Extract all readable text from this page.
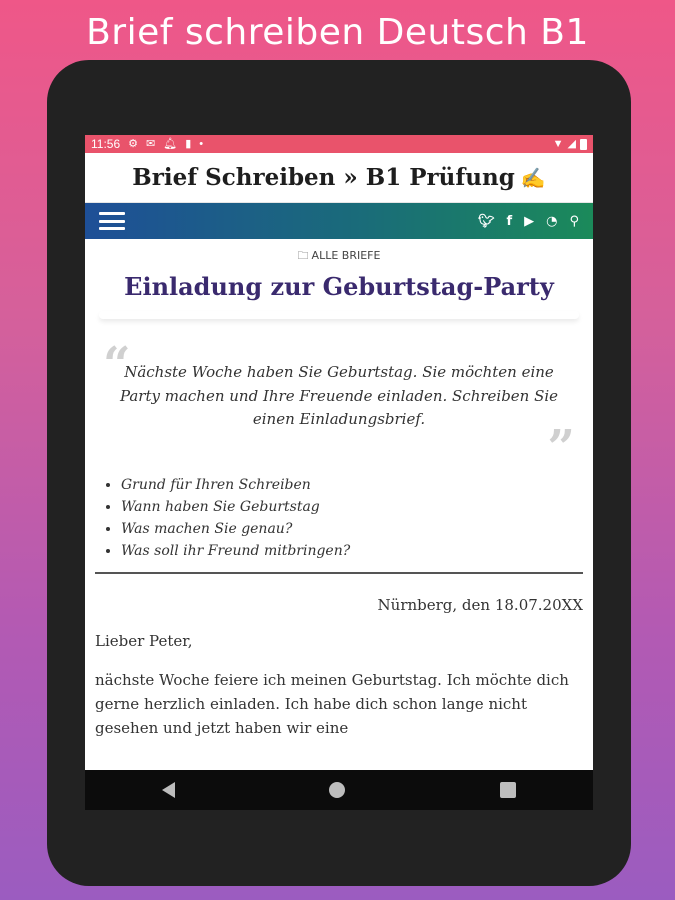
Brief schreiben Deutsch B1
11:56 ⚙ ✉ 🔔︎ ▮ •	▼ ◢
Brief Schreiben » B1 Prüfung ✍
🐦︎ f ▶ ◔ ⚲
🗀 ALLE BRIEFE
Einladung zur Geburtstag-Party
“
Nächste Woche haben Sie Geburtstag. Sie möchten eine Party machen und Ihre Freuende einladen. Schreiben Sie einen Einladungsbrief.
”
• Grund für Ihren Schreiben
• Wann haben Sie Geburtstag
• Was machen Sie genau?
• Was soll ihr Freund mitbringen?
Nürnberg, den 18.07.20XX
Lieber Peter,
nächste Woche feiere ich meinen Geburtstag. Ich möchte dich gerne herzlich einladen. Ich habe dich schon lange nicht gesehen und jetzt haben wir eine
